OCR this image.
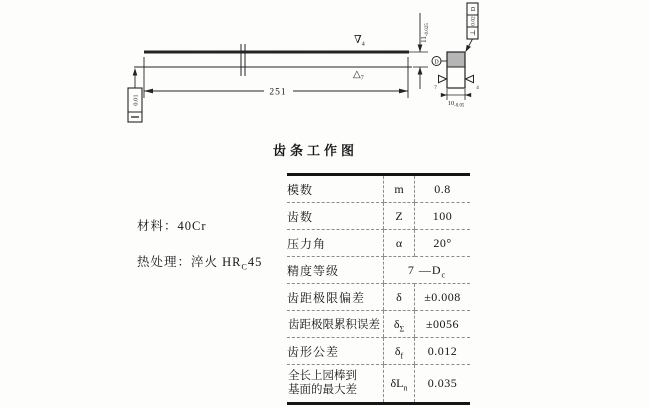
251
$11_{-0.025}$
0.01
$\nabla_4$
$\triangle_7$
D
D
0.02
⊥
7	4
$10_{-0.05}$
齿条工作图
材料：40Cr
热处理：淬火 $HR_C45$
模数	m	0.8
齿数	Z	100
压力角	α	20°
精度等级	7 $—D_c$
齿距极限偏差	δ	±0.008
齿距极限累积误差	$\delta_\Sigma$	±0056
齿形公差	$\delta_f$	0.012

全长上园棒到
基面的最大差	$\delta L_n$	0.035
